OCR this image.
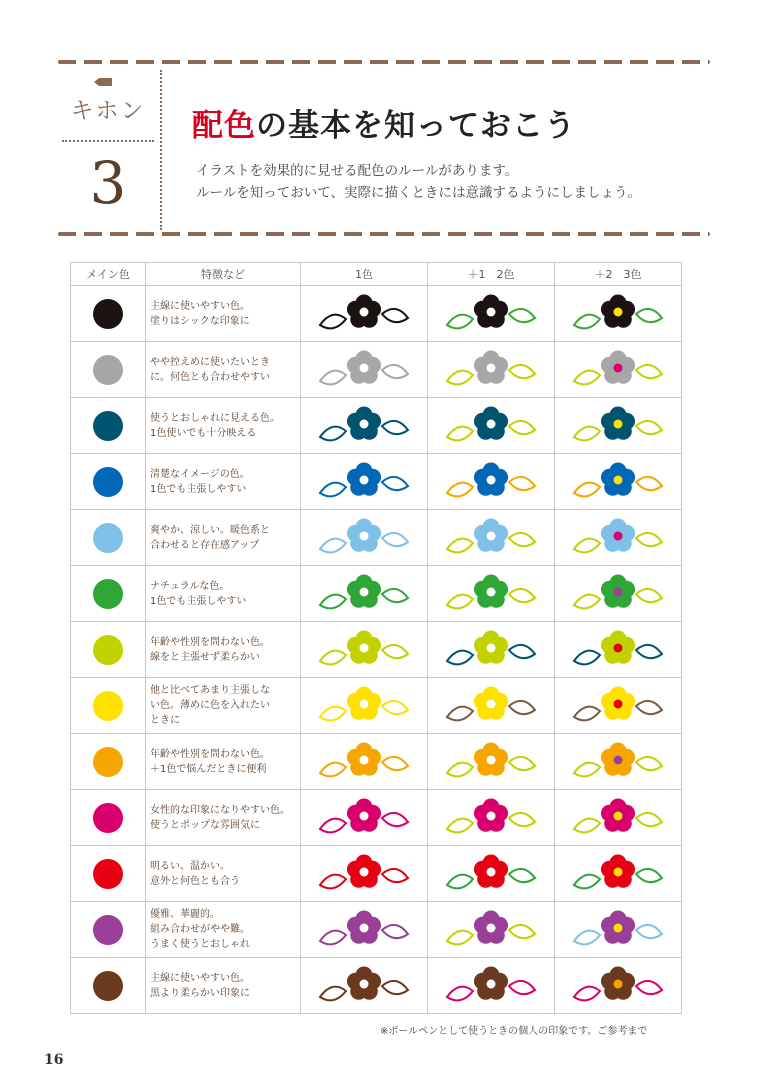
キホン
3
配色の基本を知っておこう
イラストを効果的に見せる配色のルールがあります。
ルールを知っておいて、実際に描くときには意識するようにしましょう。
メイン色	特徴など	1色	＋1　2色	＋2　3色

	主線に使いやすい色。
塗りはシックな印象に

	やや控えめに使いたいとき
に。何色とも合わせやすい

	使うとおしゃれに見える色。
1色使いでも十分映える

	清楚なイメージの色。
1色でも主張しやすい

	爽やか、涼しい。暖色系と
合わせると存在感アップ

	ナチュラルな色。
1色でも主張しやすい

	年齢や性別を問わない色。
線をと主張せず柔らかい

	他と比べてあまり主張しな
い色。薄めに色を入れたい
ときに

	年齢や性別を問わない色。
＋1色で悩んだときに便利

	女性的な印象になりやすい色。
使うとポップな雰囲気に

	明るい、温かい。
意外と何色とも合う

	優雅、華麗的。
組み合わせがやや難。
うまく使うとおしゃれ

	主線に使いやすい色。
黒より柔らかい印象に

※ボールペンとして使うときの個人の印象です。ご参考まで
16
